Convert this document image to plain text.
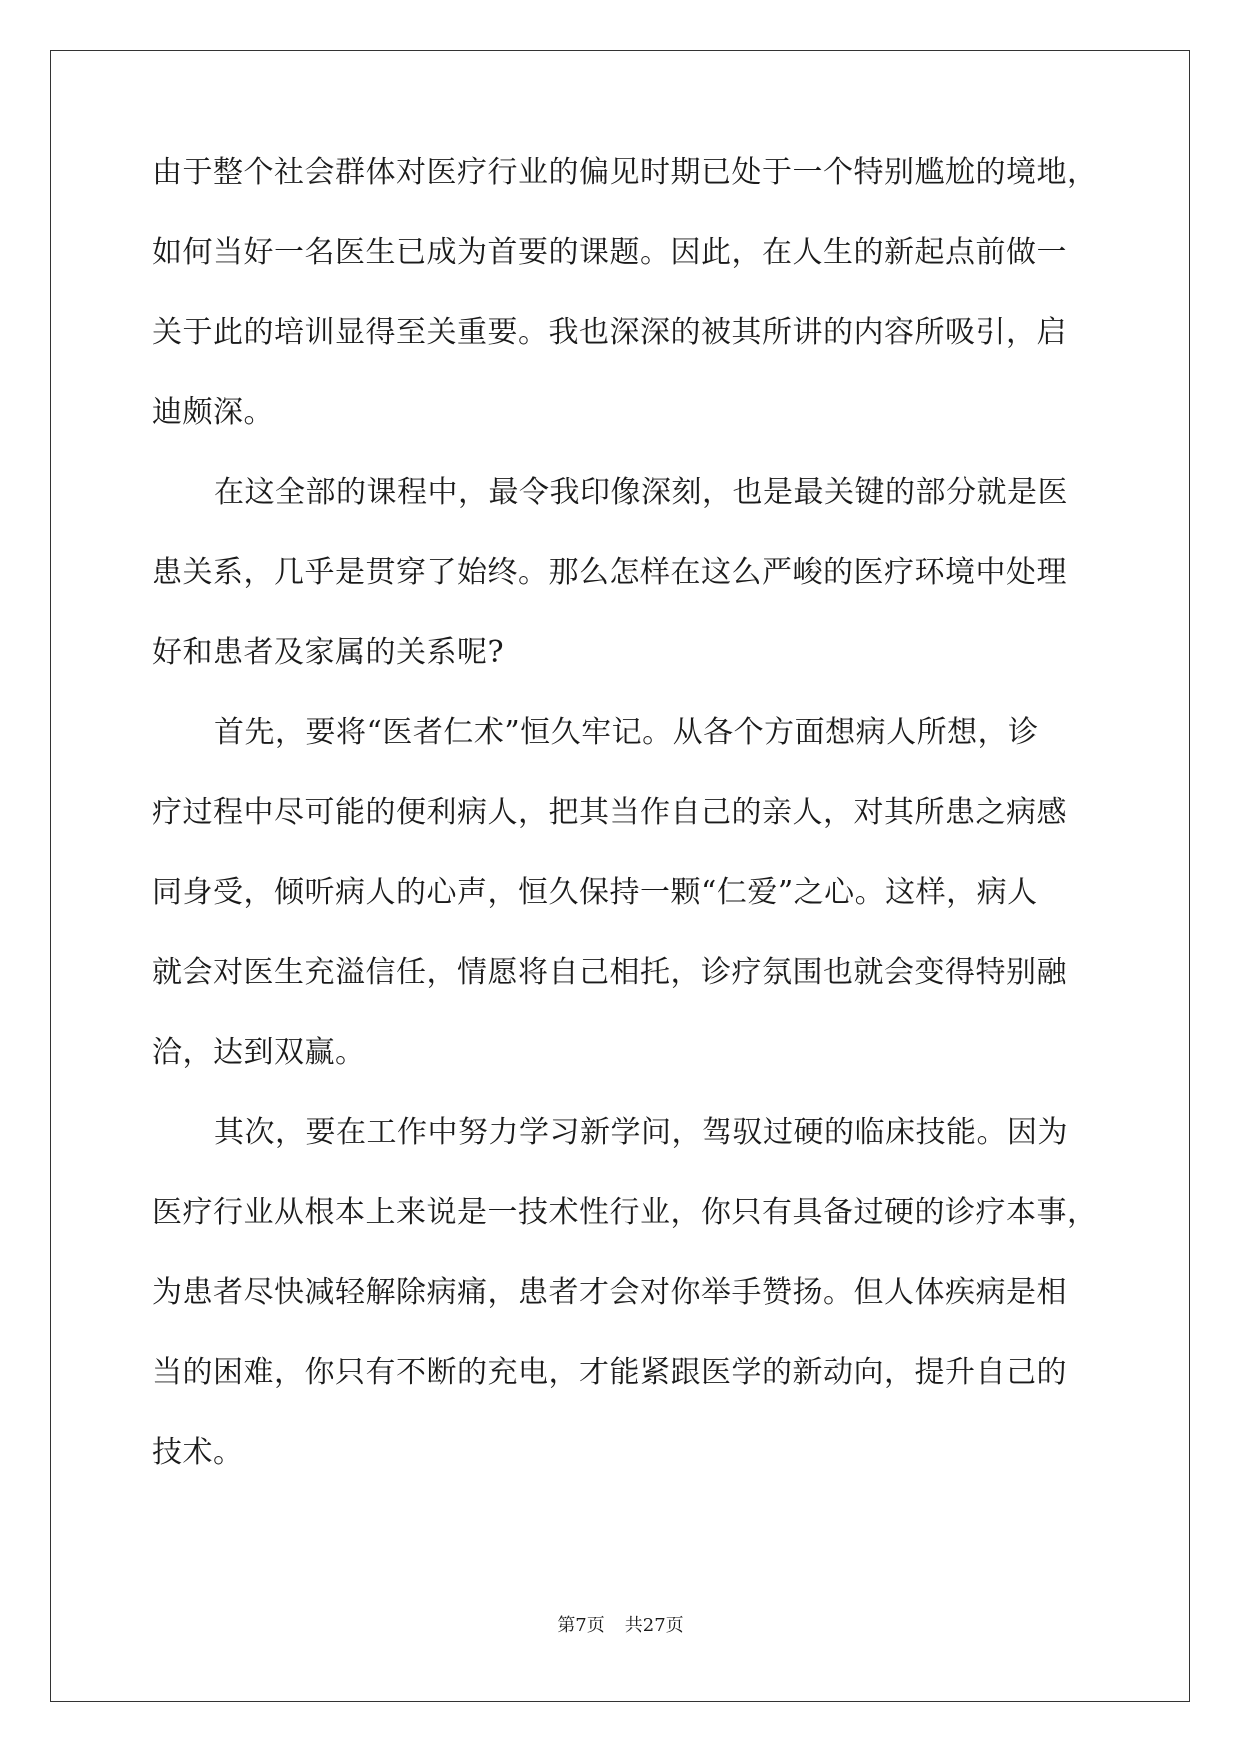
由于整个社会群体对医疗行业的偏见时期已处于一个特别尴尬的境地，
如何当好一名医生已成为首要的课题。因此，在人生的新起点前做一
关于此的培训显得至关重要。我也深深的被其所讲的内容所吸引，启
迪颇深。
在这全部的课程中，最令我印像深刻，也是最关键的部分就是医
患关系，几乎是贯穿了始终。那么怎样在这么严峻的医疗环境中处理
好和患者及家属的关系呢?
首先，要将“医者仁术”恒久牢记。从各个方面想病人所想，诊
疗过程中尽可能的便利病人，把其当作自己的亲人，对其所患之病感
同身受，倾听病人的心声，恒久保持一颗“仁爱”之心。这样，病人
就会对医生充溢信任，情愿将自己相托，诊疗氛围也就会变得特别融
洽，达到双赢。
其次，要在工作中努力学习新学问，驾驭过硬的临床技能。因为
医疗行业从根本上来说是一技术性行业，你只有具备过硬的诊疗本事，
为患者尽快减轻解除病痛，患者才会对你举手赞扬。但人体疾病是相
当的困难，你只有不断的充电，才能紧跟医学的新动向，提升自己的
技术。
第7页 共27页
